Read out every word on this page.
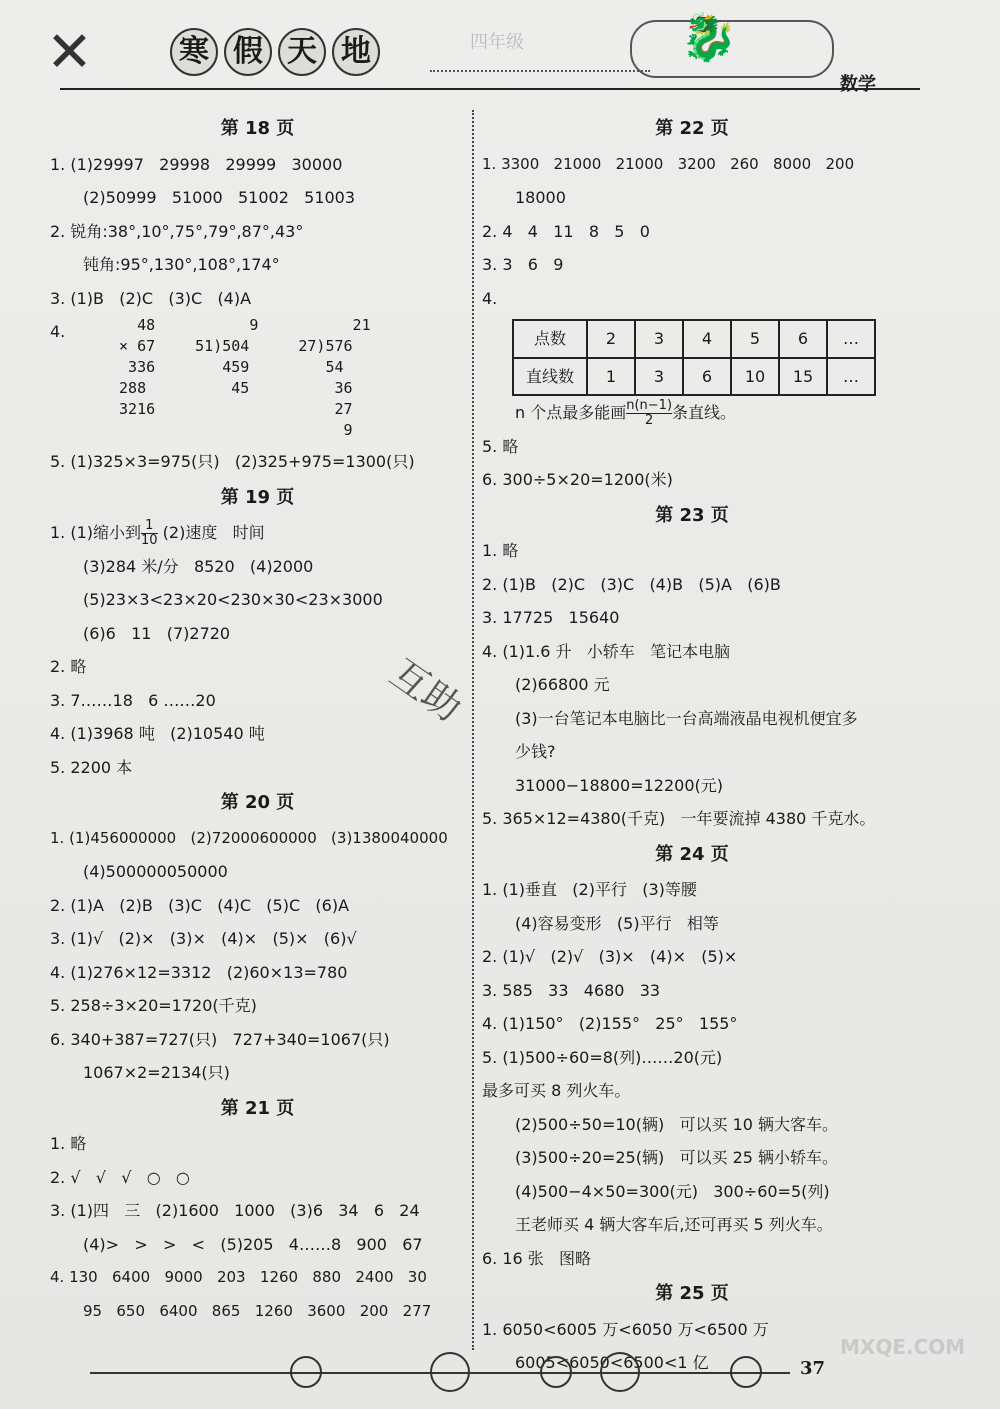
✕	寒 假 天 地	四年级	🐉
数学
第 18 页
1. (1)29997   29998   29999   30000
(2)50999   51000   51002   51003
2. 锐角:38°,10°,75°,79°,87°,43°
钝角:95°,130°,108°,174°
3. (1)B   (2)C   (3)C   (4)A
4.	48
× 67
336
288
3216
9
51)504
459
45
21
27)576
54
36
27
9
5. (1)325×3=975(只)   (2)325+975=1300(只)
第 19 页
1. (1)缩小到 $\frac{1}{10} (2)$速度   时间
(3)284 米/分   8520   (4)2000
(5)23×3<23×20<230×30<23×3000
(6)6   11   (7)2720
2. 略
3. 7……18   6 ……20
4. (1)3968 吨   (2)10540 吨
5. 2200 本
第 20 页
1. (1)456000000   (2)72000600000   (3)1380040000
(4)500000050000
2. (1)A   (2)B   (3)C   (4)C   (5)C   (6)A
3. (1)√   (2)×   (3)×   (4)×   (5)×   (6)√
4. (1)276×12=3312   (2)60×13=780
5. 258÷3×20=1720(千克)
6. 340+387=727(只)   727+340=1067(只)
1067×2=2134(只)
第 21 页
1. 略
2. √   √   √   ○   ○
3. (1)四   三   (2)1600   1000   (3)6   34   6   24
(4)>   >   >   <   (5)205   4……8   900   67
4. 130   6400   9000   203   1260   880   2400   30
95   650   6400   865   1260   3600   200   277
第 22 页
1. 3300   21000   21000   3200   260   8000   200
18000
2. 4   4   11   8   5   0
3. 3   6   9
4.
点数	2	3	4	5	6	…
直线数	1	3	6	10	15	…
n 个点最多能画 $\frac{n(n-1)}{2}$条直线。
5. 略
6. 300÷5×20=1200(米)
第 23 页
1. 略
2. (1)B   (2)C   (3)C   (4)B   (5)A   (6)B
3. 17725   15640
4. (1)1.6 升   小轿车   笔记本电脑
(2)66800 元
(3)一台笔记本电脑比一台高端液晶电视机便宜多
少钱?
31000−18800=12200(元)
5. 365×12=4380(千克)   一年要流掉 4380 千克水。
第 24 页
1. (1)垂直   (2)平行   (3)等腰
(4)容易变形   (5)平行   相等
2. (1)√   (2)√   (3)×   (4)×   (5)×
3. 585   33   4680   33
4. (1)150°   (2)155°   25°   155°
5. (1)500÷60=8(列)……20(元)
最多可买 8 列火车。
(2)500÷50=10(辆)   可以买 10 辆大客车。
(3)500÷20=25(辆)   可以买 25 辆小轿车。
(4)500−4×50=300(元)   300÷60=5(列)
王老师买 4 辆大客车后,还可再买 5 列火车。
6. 16 张   图略
第 25 页
1. 6050<6005 万<6050 万<6500 万
6005<6050<6500<1 亿
互助
37
MXQE.COM
